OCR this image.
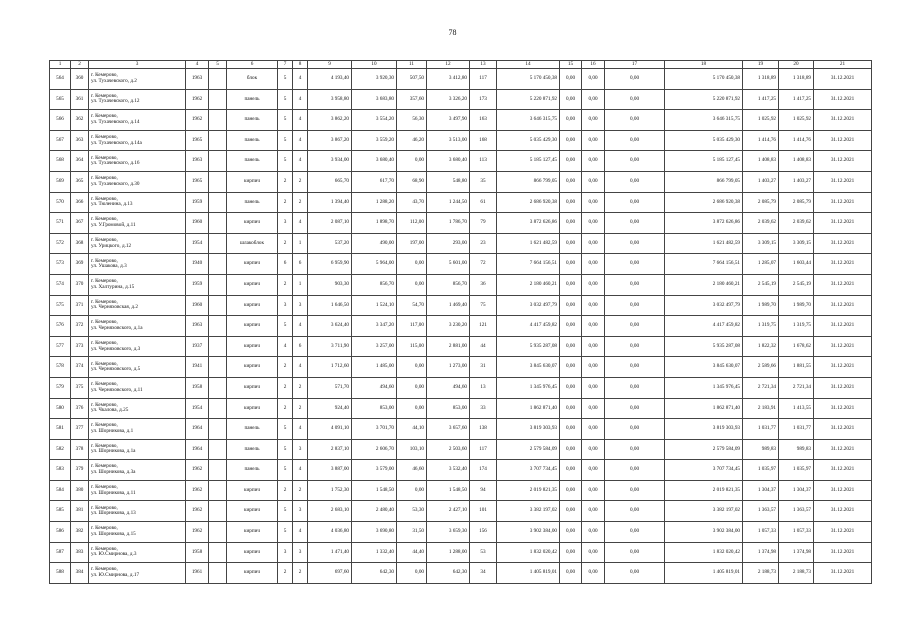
78
1	2	3	4	5	6	7	8	9	10	11	12	13	14	15	16	17	18	19	20	21
564	360	г. Кемерово,
ул. Тухачевского, д.2	1963		блок	5	4	4 193,40	3 920,30	507,50	3 412,80	117	5 170 450,38	0,00	0,00	0,00	5 170 450,38	1 318,89	1 318,89	31.12.2021
565	361	г. Кемерово,
ул. Тухачевского, д.12	1962		панель	5	4	3 958,80	3 683,80	357,60	3 326,20	173	5 220 871,92	0,00	0,00	0,00	5 220 871,92	1 417,25	1 417,25	31.12.2021
566	362	г. Кемерово,
ул. Тухачевского, д.14	1962		панель	5	4	3 862,20	3 554,20	56,30	3 497,90	163	3 646 315,75	0,00	0,00	0,00	3 646 315,75	1 025,92	1 025,92	31.12.2021
567	363	г. Кемерово,
ул. Тухачевского, д.14а	1965		панель	5	4	3 867,20	3 559,20	46,20	3 513,00	168	5 035 429,30	0,00	0,00	0,00	5 035 429,30	1 414,76	1 414,76	31.12.2021
568	364	г. Кемерово,
ул. Тухачевского, д.16	1963		панель	5	4	3 934,00	3 680,40	0,00	3 680,40	113	5 185 127,45	0,00	0,00	0,00	5 185 127,45	1 408,83	1 408,83	31.12.2021
569	365	г. Кемерово,
ул. Тухачевского, д.30	1965		кирпич	2	2	665,70	617,70	68,90	548,80	35	866 799,05	0,00	0,00	0,00	866 799,05	1 403,27	1 403,27	31.12.2021
570	366	г. Кемерово,
ул. Тюленина, д.13	1959		панель	2	2	1 394,40	1 288,20	43,70	1 244,50	61	2 686 920,38	0,00	0,00	0,00	2 686 920,38	2 085,79	2 085,79	31.12.2021
571	367	г. Кемерово,
ул. У.Громовой, д.11	1960		кирпич	3	4	2 087,10	1 898,70	112,00	1 786,70	79	3 872 626,86	0,00	0,00	0,00	3 872 626,86	2 039,62	2 039,62	31.12.2021
572	368	г. Кемерово,
ул. Урицкого, д.12	1954		шлакоблок	2	1	537,20	490,00	197,00	293,00	23	1 621 482,59	0,00	0,00	0,00	1 621 482,59	3 309,15	3 309,15	31.12.2021
573	369	г. Кемерово,
ул. Ушакова, д.3	1940		кирпич	6	6	6 959,90	5 964,00	0,00	5 601,00	72	7 664 156,51	0,00	0,00	0,00	7 664 156,51	1 285,07	1 603,44	31.12.2021
574	370	г. Кемерово,
ул. Халтурина, д.15	1959		кирпич	2	1	903,30	856,70	0,00	856,70	36	2 180 460,21	0,00	0,00	0,00	2 180 460,21	2 545,19	2 545,19	31.12.2021
575	371	г. Кемерово,
ул. Черняховская, д.2	1960		кирпич	3	3	1 646,50	1 524,10	54,70	1 469,40	75	3 032 497,79	0,00	0,00	0,00	3 032 497,79	1 989,70	1 989,70	31.12.2021
576	372	г. Кемерово,
ул. Черняховского, д.1а	1963		кирпич	5	4	3 624,40	3 347,20	117,00	3 230,20	121	4 417 459,82	0,00	0,00	0,00	4 417 459,82	1 319,75	1 319,75	31.12.2021
577	373	г. Кемерово,
ул. Черняховского, д.3	1937		кирпич	4	6	3 711,90	3 257,00	115,00	2 881,00	44	5 935 287,08	0,00	0,00	0,00	5 935 287,08	1 822,32	1 678,62	31.12.2021
578	374	г. Кемерово,
ул. Черняховского, д.5	1941		кирпич	2	4	1 712,60	1 485,00	0,00	1 273,00	31	3 845 630,07	0,00	0,00	0,00	3 845 630,07	2 589,66	1 881,55	31.12.2021
579	375	г. Кемерово,
ул. Черняховского, д.11	1958		кирпич	2	2	571,70	494,60	0,00	494,60	13	1 345 976,45	0,00	0,00	0,00	1 345 976,45	2 721,34	2 721,34	31.12.2021
580	376	г. Кемерово,
ул. Чкалова, д.25	1954		кирпич	2	2	924,40	853,00	0,00	853,00	33	1 862 871,40	0,00	0,00	0,00	1 862 871,40	2 183,91	1 413,55	31.12.2021
581	377	г. Кемерово,
ул. Шорникова, д.1	1964		панель	5	4	4 091,10	3 701,70	44,10	3 657,60	138	3 819 303,93	0,00	0,00	0,00	3 819 303,93	1 031,77	1 031,77	31.12.2021
582	378	г. Кемерово,
ул. Шорникова, д.1а	1964		панель	5	3	2 837,10	2 606,70	103,10	2 503,60	117	2 579 584,09	0,00	0,00	0,00	2 579 584,09	989,83	989,83	31.12.2021
583	379	г. Кемерово,
ул. Шорникова, д.3а	1962		панель	5	4	3 887,00	3 579,00	46,60	3 532,40	174	3 707 734,45	0,00	0,00	0,00	3 707 734,45	1 035,97	1 035,97	31.12.2021
584	380	г. Кемерово,
ул. Шорникова, д.11	1962		кирпич	2	2	1 752,30	1 548,50	0,00	1 548,50	94	2 019 821,35	0,00	0,00	0,00	2 019 821,35	1 304,37	1 304,37	31.12.2021
585	381	г. Кемерово,
ул. Шорникова, д.13	1962		кирпич	5	3	2 683,10	2 480,40	53,30	2 427,10	101	3 382 197,02	0,00	0,00	0,00	3 382 197,02	1 363,57	1 363,57	31.12.2021
586	382	г. Кемерово,
ул. Шорникова, д.15	1962		кирпич	5	4	4 036,80	3 690,80	31,50	3 659,30	156	3 902 384,00	0,00	0,00	0,00	3 902 384,00	1 057,33	1 057,33	31.12.2021
587	383	г. Кемерово,
ул. Ю.Смирнова, д.3	1958		кирпич	3	3	1 471,40	1 332,40	44,40	1 288,00	53	1 832 020,42	0,00	0,00	0,00	1 832 020,42	1 374,98	1 374,98	31.12.2021
588	384	г. Кемерово,
ул. Ю.Смирнова, д.17	1961		кирпич	2	2	697,60	642,30	0,00	642,30	34	1 405 819,01	0,00	0,00	0,00	1 405 819,01	2 188,73	2 188,73	31.12.2021
